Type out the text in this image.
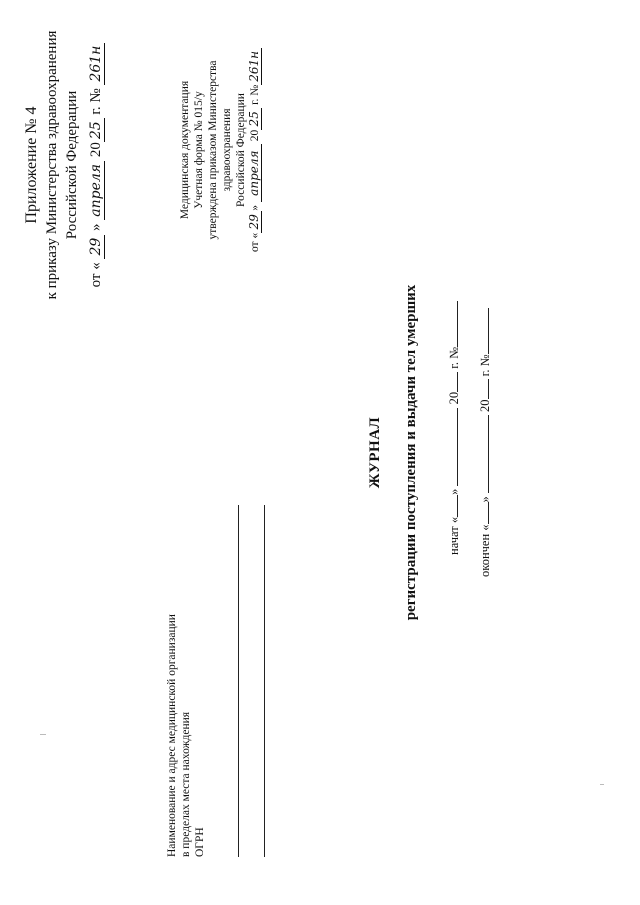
Приложение № 4 к приказу Министерства здравоохранения Российской Федерации
от « 29 » апреля 2025 г. № 261н
Медицинская документация Учетная форма № 015/у утверждена приказом Министерства здравоохранения Российской Федерации
от «29» апреля 2025 г. №261н
Наименование и адрес медицинской организации в пределах места нахождения ОГРН
ЖУРНАЛ регистрации поступления и выдачи тел умерших начат «»  20 г. №
окончен «»  20 г. №
